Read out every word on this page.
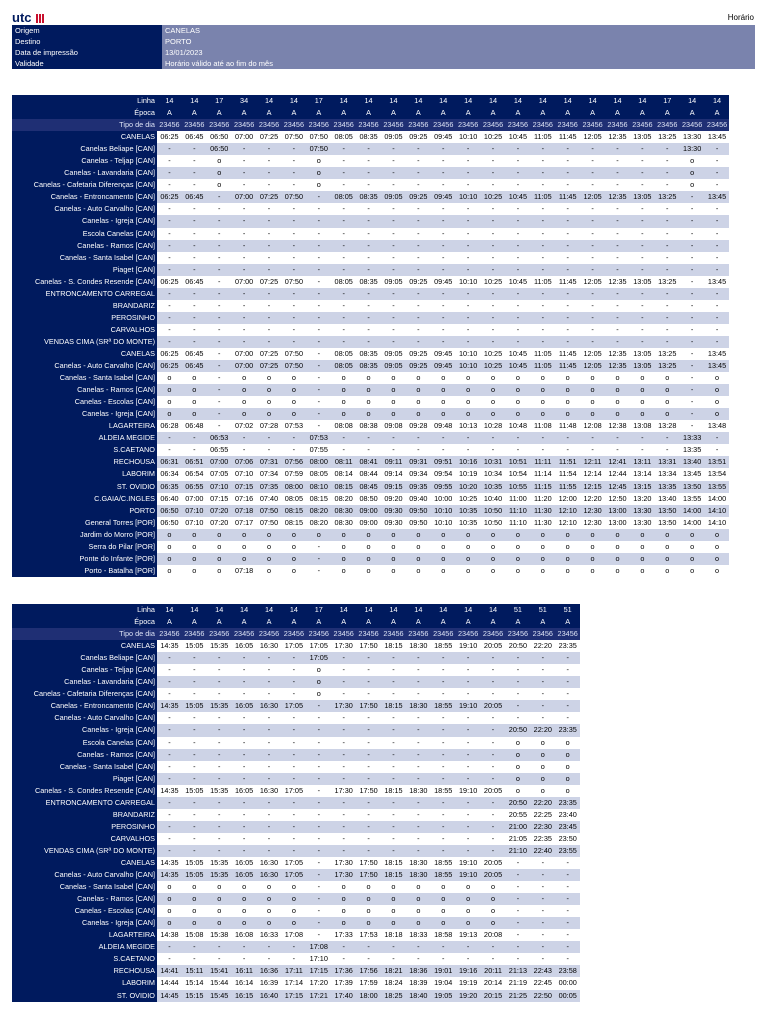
utc	Horário
Origem	CANELAS
Destino	PORTO
Data de impressão	13/01/2023
Validade	Horário válido até ao fim do mês
Linha	14	14	17	34	14	14	17	14	14	14	14	14	14	14	14	14	14	14	14	14	17	14	14
Época	A	A	A	A	A	A	A	A	A	A	A	A	A	A	A	A	A	A	A	A	A	A	A
Tipo de dia	23456	23456	23456	23456	23456	23456	23456	23456	23456	23456	23456	23456	23456	23456	23456	23456	23456	23456	23456	23456	23456	23456	23456
CANELAS	06:25	06:45	06:50	07:00	07:25	07:50	07:50	08:05	08:35	09:05	09:25	09:45	10:10	10:25	10:45	11:05	11:45	12:05	12:35	13:05	13:25	13:30	13:45
Canelas Beliape [CAN]	-	-	06:50	-	-	-	07:50	-	-	-	-	-	-	-	-	-	-	-	-	-	-	13:30	-
Canelas - Teljap [CAN]	-	-	o	-	-	-	o	-	-	-	-	-	-	-	-	-	-	-	-	-	-	o	-
Canelas - Lavandaria [CAN]	-	-	o	-	-	-	o	-	-	-	-	-	-	-	-	-	-	-	-	-	-	o	-
Canelas - Cafetaria Diferenças [CAN]	-	-	o	-	-	-	o	-	-	-	-	-	-	-	-	-	-	-	-	-	-	o	-
Canelas - Entroncamento [CAN]	06:25	06:45	-	07:00	07:25	07:50	-	08:05	08:35	09:05	09:25	09:45	10:10	10:25	10:45	11:05	11:45	12:05	12:35	13:05	13:25	-	13:45
Canelas - Auto Carvalho [CAN]	-	-	-	-	-	-	-	-	-	-	-	-	-	-	-	-	-	-	-	-	-	-	-
Canelas - Igreja [CAN]	-	-	-	-	-	-	-	-	-	-	-	-	-	-	-	-	-	-	-	-	-	-	-
Escola Canelas [CAN]	-	-	-	-	-	-	-	-	-	-	-	-	-	-	-	-	-	-	-	-	-	-	-
Canelas - Ramos [CAN]	-	-	-	-	-	-	-	-	-	-	-	-	-	-	-	-	-	-	-	-	-	-	-
Canelas - Santa Isabel [CAN]	-	-	-	-	-	-	-	-	-	-	-	-	-	-	-	-	-	-	-	-	-	-	-
Piaget [CAN]	-	-	-	-	-	-	-	-	-	-	-	-	-	-	-	-	-	-	-	-	-	-	-
Canelas - S. Condes Resende [CAN]	06:25	06:45	-	07:00	07:25	07:50	-	08:05	08:35	09:05	09:25	09:45	10:10	10:25	10:45	11:05	11:45	12:05	12:35	13:05	13:25	-	13:45
ENTRONCAMENTO CARREGAL	-	-	-	-	-	-	-	-	-	-	-	-	-	-	-	-	-	-	-	-	-	-	-
BRANDARIZ	-	-	-	-	-	-	-	-	-	-	-	-	-	-	-	-	-	-	-	-	-	-	-
PEROSINHO	-	-	-	-	-	-	-	-	-	-	-	-	-	-	-	-	-	-	-	-	-	-	-
CARVALHOS	-	-	-	-	-	-	-	-	-	-	-	-	-	-	-	-	-	-	-	-	-	-	-
VENDAS CIMA (SRª DO MONTE)	-	-	-	-	-	-	-	-	-	-	-	-	-	-	-	-	-	-	-	-	-	-	-
CANELAS	06:25	06:45	-	07:00	07:25	07:50	-	08:05	08:35	09:05	09:25	09:45	10:10	10:25	10:45	11:05	11:45	12:05	12:35	13:05	13:25	-	13:45
Canelas - Auto Carvalho [CAN]	06:25	06:45	-	07:00	07:25	07:50	-	08:05	08:35	09:05	09:25	09:45	10:10	10:25	10:45	11:05	11:45	12:05	12:35	13:05	13:25	-	13:45
Canelas - Santa Isabel [CAN]	o	o	-	o	o	o	-	o	o	o	o	o	o	o	o	o	o	o	o	o	o	-	o
Canelas - Ramos [CAN]	o	o	-	o	o	o	-	o	o	o	o	o	o	o	o	o	o	o	o	o	o	-	o
Canelas - Escolas [CAN]	o	o	-	o	o	o	-	o	o	o	o	o	o	o	o	o	o	o	o	o	o	-	o
Canelas - Igreja [CAN]	o	o	-	o	o	o	-	o	o	o	o	o	o	o	o	o	o	o	o	o	o	-	o
LAGARTEIRA	06:28	06:48	-	07:02	07:28	07:53	-	08:08	08:38	09:08	09:28	09:48	10:13	10:28	10:48	11:08	11:48	12:08	12:38	13:08	13:28	-	13:48
ALDEIA MEGIDE	-	-	06:53	-	-	-	07:53	-	-	-	-	-	-	-	-	-	-	-	-	-	-	13:33	-
S.CAETANO	-	-	06:55	-	-	-	07:55	-	-	-	-	-	-	-	-	-	-	-	-	-	-	13:35	-
RECHOUSA	06:31	06:51	07:00	07:06	07:31	07:56	08:00	08:11	08:41	09:11	09:31	09:51	10:16	10:31	10:51	11:11	11:51	12:11	12:41	13:11	13:31	13:40	13:51
LABORIM	06:34	06:54	07:05	07:10	07:34	07:59	08:05	08:14	08:44	09:14	09:34	09:54	10:19	10:34	10:54	11:14	11:54	12:14	12:44	13:14	13:34	13:45	13:54
ST. OVIDIO	06:35	06:55	07:10	07:15	07:35	08:00	08:10	08:15	08:45	09:15	09:35	09:55	10:20	10:35	10:55	11:15	11:55	12:15	12:45	13:15	13:35	13:50	13:55
C.GAIA/C.INGLES	06:40	07:00	07:15	07:16	07:40	08:05	08:15	08:20	08:50	09:20	09:40	10:00	10:25	10:40	11:00	11:20	12:00	12:20	12:50	13:20	13:40	13:55	14:00
PORTO	06:50	07:10	07:20	07:18	07:50	08:15	08:20	08:30	09:00	09:30	09:50	10:10	10:35	10:50	11:10	11:30	12:10	12:30	13:00	13:30	13:50	14:00	14:10
General Torres [POR]	06:50	07:10	07:20	07:17	07:50	08:15	08:20	08:30	09:00	09:30	09:50	10:10	10:35	10:50	11:10	11:30	12:10	12:30	13:00	13:30	13:50	14:00	14:10
Jardim do Morro [POR]	o	o	o	o	o	o	o	o	o	o	o	o	o	o	o	o	o	o	o	o	o	o	o
Serra do Pilar [POR]	o	o	o	o	o	o	-	o	o	o	o	o	o	o	o	o	o	o	o	o	o	o	o
Ponte do Infante [POR]	o	o	o	o	o	o	-	o	o	o	o	o	o	o	o	o	o	o	o	o	o	o	o
Porto - Batalha [POR]	o	o	o	07:18	o	o	-	o	o	o	o	o	o	o	o	o	o	o	o	o	o	o	o
Linha	14	14	14	14	14	14	17	14	14	14	14	14	14	14	51	51	51
Época	A	A	A	A	A	A	A	A	A	A	A	A	A	A	A	A	A
Tipo de dia	23456	23456	23456	23456	23456	23456	23456	23456	23456	23456	23456	23456	23456	23456	23456	23456	23456
CANELAS	14:35	15:05	15:35	16:05	16:30	17:05	17:05	17:30	17:50	18:15	18:30	18:55	19:10	20:05	20:50	22:20	23:35
Canelas Beliape [CAN]	-	-	-	-	-	-	17:05	-	-	-	-	-	-	-	-	-	-
Canelas - Teljap [CAN]	-	-	-	-	-	-	o	-	-	-	-	-	-	-	-	-	-
Canelas - Lavandaria [CAN]	-	-	-	-	-	-	o	-	-	-	-	-	-	-	-	-	-
Canelas - Cafetaria Diferenças [CAN]	-	-	-	-	-	-	o	-	-	-	-	-	-	-	-	-	-
Canelas - Entroncamento [CAN]	14:35	15:05	15:35	16:05	16:30	17:05	-	17:30	17:50	18:15	18:30	18:55	19:10	20:05	-	-	-
Canelas - Auto Carvalho [CAN]	-	-	-	-	-	-	-	-	-	-	-	-	-	-	-	-	-
Canelas - Igreja [CAN]	-	-	-	-	-	-	-	-	-	-	-	-	-	-	20:50	22:20	23:35
Escola Canelas [CAN]	-	-	-	-	-	-	-	-	-	-	-	-	-	-	o	o	o
Canelas - Ramos [CAN]	-	-	-	-	-	-	-	-	-	-	-	-	-	-	o	o	o
Canelas - Santa Isabel [CAN]	-	-	-	-	-	-	-	-	-	-	-	-	-	-	o	o	o
Piaget [CAN]	-	-	-	-	-	-	-	-	-	-	-	-	-	-	o	o	o
Canelas - S. Condes Resende [CAN]	14:35	15:05	15:35	16:05	16:30	17:05	-	17:30	17:50	18:15	18:30	18:55	19:10	20:05	o	o	o
ENTRONCAMENTO CARREGAL	-	-	-	-	-	-	-	-	-	-	-	-	-	-	20:50	22:20	23:35
BRANDARIZ	-	-	-	-	-	-	-	-	-	-	-	-	-	-	20:55	22:25	23:40
PEROSINHO	-	-	-	-	-	-	-	-	-	-	-	-	-	-	21:00	22:30	23:45
CARVALHOS	-	-	-	-	-	-	-	-	-	-	-	-	-	-	21:05	22:35	23:50
VENDAS CIMA (SRª DO MONTE)	-	-	-	-	-	-	-	-	-	-	-	-	-	-	21:10	22:40	23:55
CANELAS	14:35	15:05	15:35	16:05	16:30	17:05	-	17:30	17:50	18:15	18:30	18:55	19:10	20:05	-	-	-
Canelas - Auto Carvalho [CAN]	14:35	15:05	15:35	16:05	16:30	17:05	-	17:30	17:50	18:15	18:30	18:55	19:10	20:05	-	-	-
Canelas - Santa Isabel [CAN]	o	o	o	o	o	o	-	o	o	o	o	o	o	o	-	-	-
Canelas - Ramos [CAN]	o	o	o	o	o	o	-	o	o	o	o	o	o	o	-	-	-
Canelas - Escolas [CAN]	o	o	o	o	o	o	-	o	o	o	o	o	o	o	-	-	-
Canelas - Igreja [CAN]	o	o	o	o	o	o	-	o	o	o	o	o	o	o	-	-	-
LAGARTEIRA	14:38	15:08	15:38	16:08	16:33	17:08	-	17:33	17:53	18:18	18:33	18:58	19:13	20:08	-	-	-
ALDEIA MEGIDE	-	-	-	-	-	-	17:08	-	-	-	-	-	-	-	-	-	-
S.CAETANO	-	-	-	-	-	-	17:10	-	-	-	-	-	-	-	-	-	-
RECHOUSA	14:41	15:11	15:41	16:11	16:36	17:11	17:15	17:36	17:56	18:21	18:36	19:01	19:16	20:11	21:13	22:43	23:58
LABORIM	14:44	15:14	15:44	16:14	16:39	17:14	17:20	17:39	17:59	18:24	18:39	19:04	19:19	20:14	21:19	22:45	00:00
ST. OVIDIO	14:45	15:15	15:45	16:15	16:40	17:15	17:21	17:40	18:00	18:25	18:40	19:05	19:20	20:15	21:25	22:50	00:05
